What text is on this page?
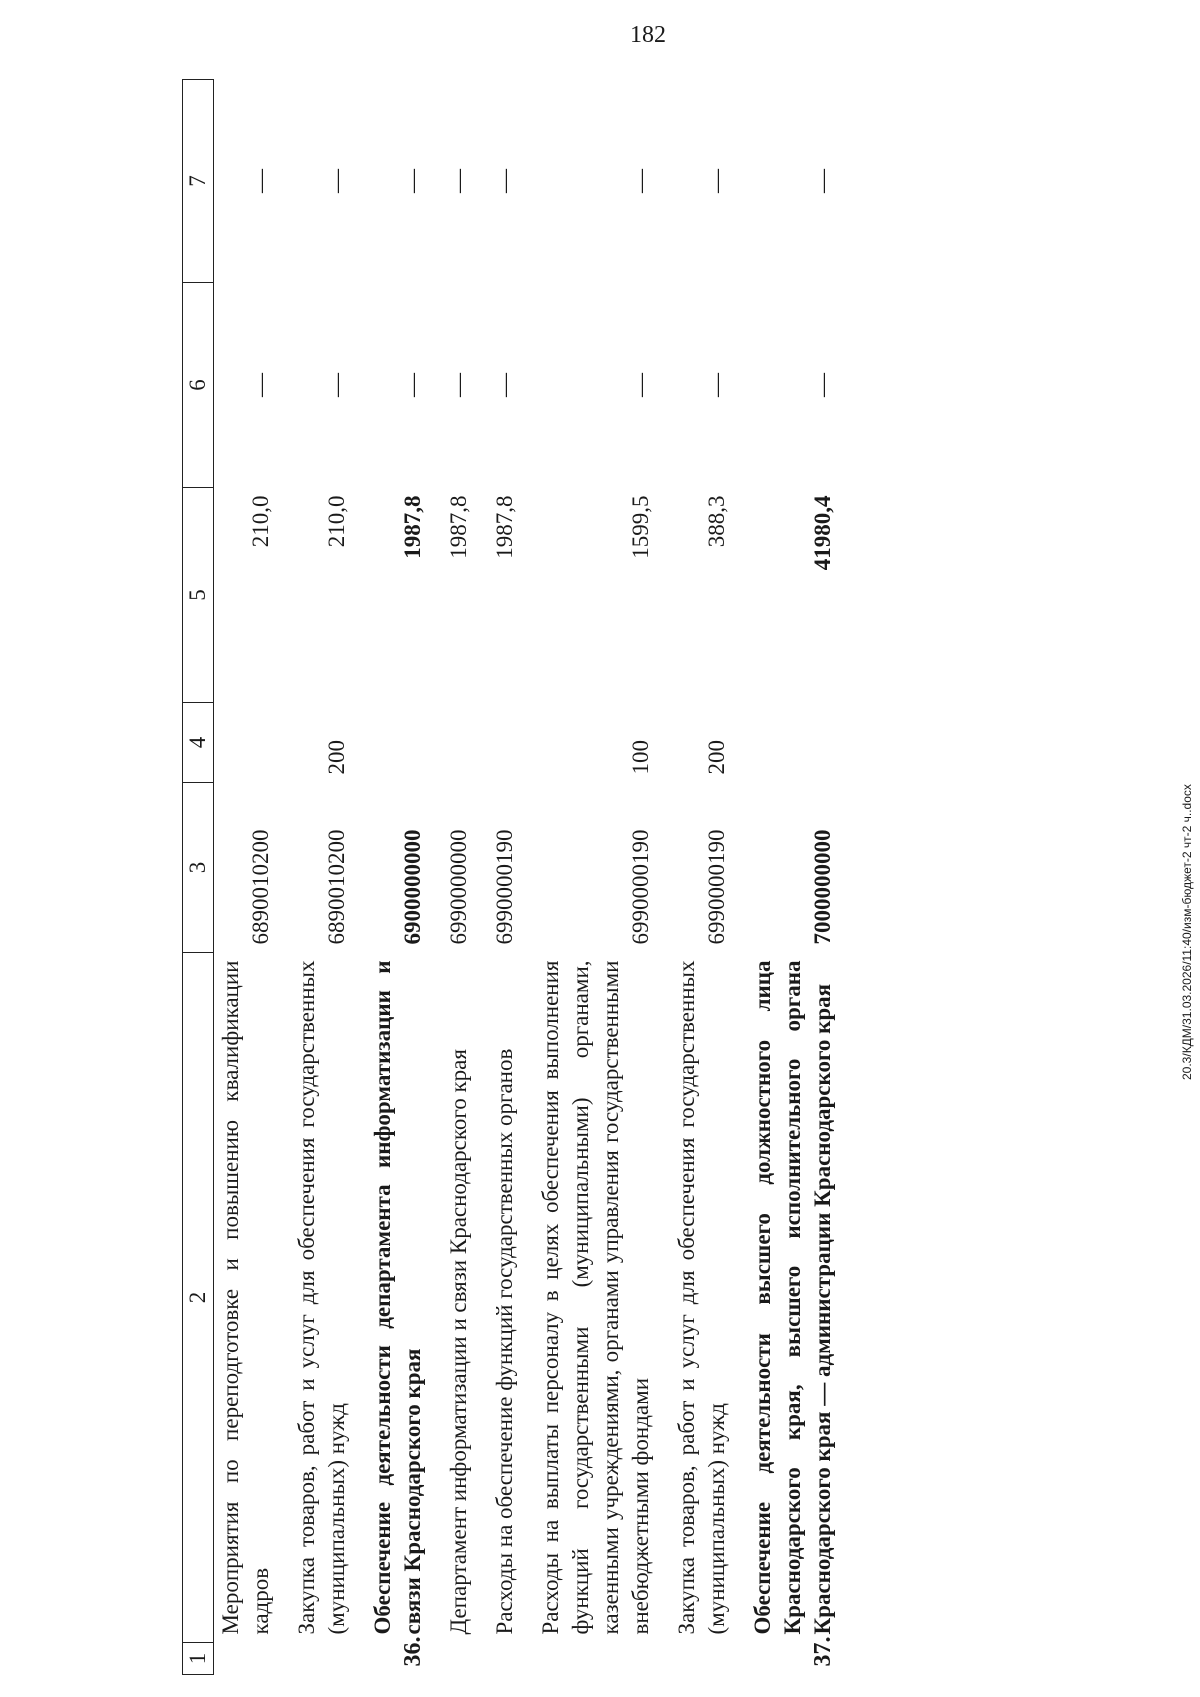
182
20.3/КДМ/31.03.2026/11:40/изм-бюджет-2 чт-2 ч..docx
1	2	3	4	5	6	7
	Мероприятия по переподготовке и повышению квалификации кадров	6890010200		210,0	—	—
	Закупка товаров, работ и услуг для обеспечения государственных (муниципальных) нужд	6890010200	200	210,0	—	—
36.	Обеспечение деятельности департамента информатизации и связи Краснодарского края	6900000000		1987,8	—	—
	Департамент информатизации и связи Краснодарского края	6990000000		1987,8	—	—
	Расходы на обеспечение функций государственных органов	6990000190		1987,8	—	—
	Расходы на выплаты персоналу в целях обеспечения выполнения функций государственными (муниципальными) органами, казенными учреждениями, органами управления государственными внебюджетными фондами	6990000190	100	1599,5	—	—
	Закупка товаров, работ и услуг для обеспечения государственных (муниципальных) нужд	6990000190	200	388,3	—	—
37.	Обеспечение деятельности высшего должностного лица Краснодарского края, высшего исполнительного органа Краснодарского края — администрации Краснодарского края	7000000000		41980,4	—	—
